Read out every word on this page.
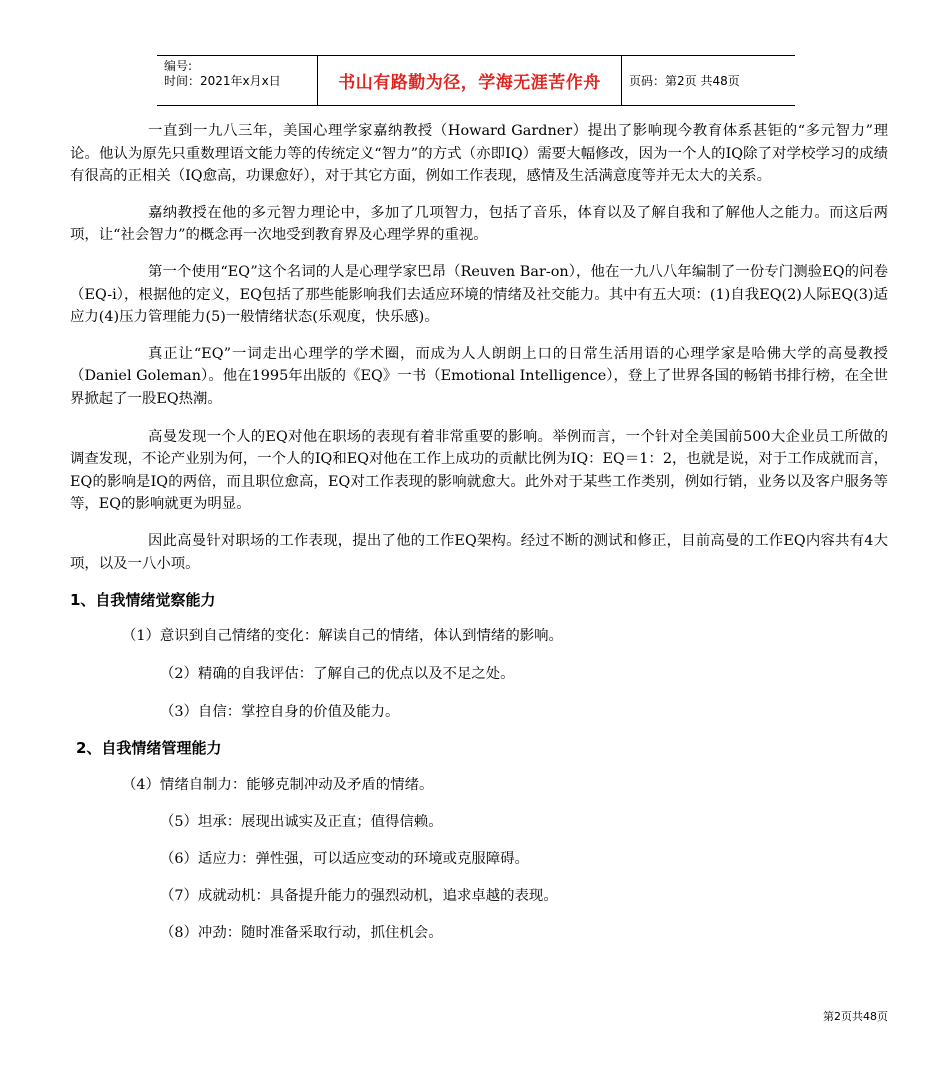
编号:
时间：2021年x月x日	书山有路勤为径，学海无涯苦作舟	页码：第2页 共48页

一直到一九八三年，美国心理学家嘉纳教授（Howard Gardner）提出了影响现今教育体系甚钜的“多元智力”理论。他认为原先只重数理语文能力等的传统定义“智力”的方式（亦即IQ）需要大幅修改，因为一个人的IQ除了对学校学习的成绩有很高的正相关（IQ愈高，功课愈好），对于其它方面，例如工作表现，感情及生活满意度等并无太大的关系。

嘉纳教授在他的多元智力理论中，多加了几项智力，包括了音乐，体育以及了解自我和了解他人之能力。而这后两项，让“社会智力”的概念再一次地受到教育界及心理学界的重视。

第一个使用“EQ”这个名词的人是心理学家巴昂（Reuven Bar-on），他在一九八八年编制了一份专门测验EQ的问卷（EQ-i），根据他的定义，EQ包括了那些能影响我们去适应环境的情绪及社交能力。其中有五大项：(1)自我EQ(2)人际EQ(3)适应力(4)压力管理能力(5)一般情绪状态(乐观度，快乐感)。

真正让“EQ”一词走出心理学的学术圈，而成为人人朗朗上口的日常生活用语的心理学家是哈佛大学的高曼教授（Daniel Goleman）。他在1995年出版的《EQ》一书（Emotional Intelligence），登上了世界各国的畅销书排行榜，在全世界掀起了一股EQ热潮。

高曼发现一个人的EQ对他在职场的表现有着非常重要的影响。举例而言，一个针对全美国前500大企业员工所做的调查发现，不论产业别为何，一个人的IQ和EQ对他在工作上成功的贡献比例为IQ：EQ＝1：2，也就是说，对于工作成就而言，EQ的影响是IQ的两倍，而且职位愈高，EQ对工作表现的影响就愈大。此外对于某些工作类别，例如行销，业务以及客户服务等等，EQ的影响就更为明显。

因此高曼针对职场的工作表现，提出了他的工作EQ架构。经过不断的测试和修正，目前高曼的工作EQ内容共有4大项，以及一八小项。

1、自我情绪觉察能力

（1）意识到自己情绪的变化：解读自己的情绪，体认到情绪的影响。

（2）精确的自我评估：了解自己的优点以及不足之处。

（3）自信：掌控自身的价值及能力。

2、自我情绪管理能力

（4）情绪自制力：能够克制冲动及矛盾的情绪。

（5）坦承：展现出诚实及正直；值得信赖。

（6）适应力：弹性强，可以适应变动的环境或克服障碍。

（7）成就动机：具备提升能力的强烈动机，追求卓越的表现。

（8）冲劲：随时准备采取行动，抓住机会。

第2页共48页
